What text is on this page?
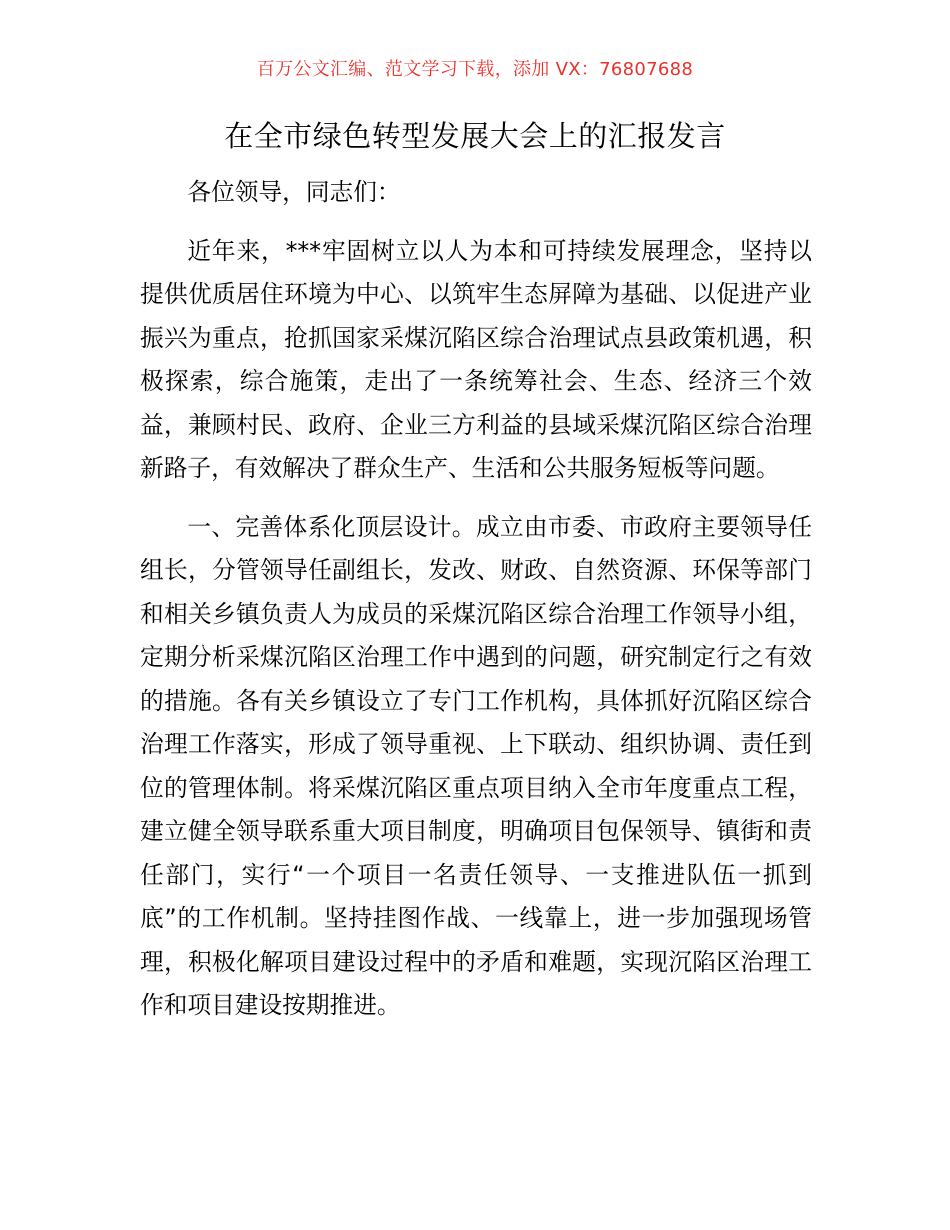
百万公文汇编、范文学习下载，添加 VX：76807688
在全市绿色转型发展大会上的汇报发言

各位领导，同志们：

近年来，***牢固树立以人为本和可持续发展理念，坚持以提供优质居住环境为中心、以筑牢生态屏障为基础、以促进产业振兴为重点，抢抓国家采煤沉陷区综合治理试点县政策机遇，积极探索，综合施策，走出了一条统筹社会、生态、经济三个效益，兼顾村民、政府、企业三方利益的县域采煤沉陷区综合治理新路子，有效解决了群众生产、生活和公共服务短板等问题。

一、完善体系化顶层设计。成立由市委、市政府主要领导任组长，分管领导任副组长，发改、财政、自然资源、环保等部门和相关乡镇负责人为成员的采煤沉陷区综合治理工作领导小组，定期分析采煤沉陷区治理工作中遇到的问题，研究制定行之有效的措施。各有关乡镇设立了专门工作机构，具体抓好沉陷区综合治理工作落实，形成了领导重视、上下联动、组织协调、责任到位的管理体制。将采煤沉陷区重点项目纳入全市年度重点工程，建立健全领导联系重大项目制度，明确项目包保领导、镇街和责任部门，实行“一个项目一名责任领导、一支推进队伍一抓到底”的工作机制。坚持挂图作战、一线靠上，进一步加强现场管理，积极化解项目建设过程中的矛盾和难题，实现沉陷区治理工作和项目建设按期推进。
